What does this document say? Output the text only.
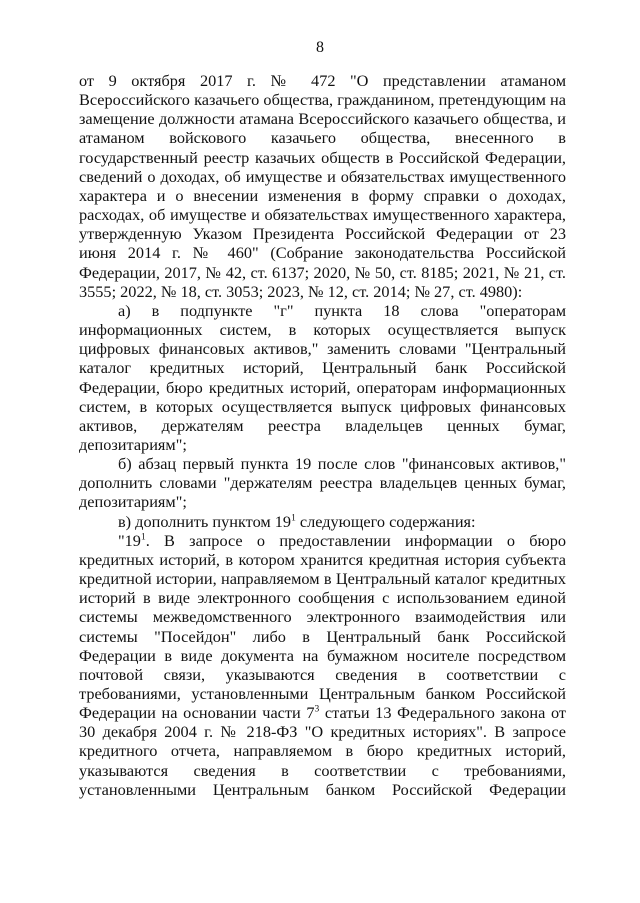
8

от 9 октября 2017 г. № 472 "О представлении атаманом Всероссийского казачьего общества, гражданином, претендующим на замещение должности атамана Всероссийского казачьего общества, и атаманом войскового казачьего общества, внесенного в государственный реестр казачьих обществ в Российской Федерации, сведений о доходах, об имуществе и обязательствах имущественного характера и о внесении изменения в форму справки о доходах, расходах, об имуществе и обязательствах имущественного характера, утвержденную Указом Президента Российской Федерации от 23 июня 2014 г. № 460" (Собрание законодательства Российской Федерации, 2017, № 42, ст. 6137; 2020, № 50, ст. 8185; 2021, № 21, ст. 3555; 2022, № 18, ст. 3053; 2023, № 12, ст. 2014; № 27, ст. 4980):

а) в подпункте "г" пункта 18 слова "операторам информационных систем, в которых осуществляется выпуск цифровых финансовых активов," заменить словами "Центральный каталог кредитных историй, Центральный банк Российской Федерации, бюро кредитных историй, операторам информационных систем, в которых осуществляется выпуск цифровых финансовых активов, держателям реестра владельцев ценных бумаг, депозитариям";

б) абзац первый пункта 19 после слов "финансовых активов," дополнить словами "держателям реестра владельцев ценных бумаг, депозитариям";

в) дополнить пунктом $19^1$ следующего содержания:

"$19^1$. В запросе о предоставлении информации о бюро кредитных историй, в котором хранится кредитная история субъекта кредитной истории, направляемом в Центральный каталог кредитных историй в виде электронного сообщения с использованием единой системы межведомственного электронного взаимодействия или системы "Посейдон" либо в Центральный банк Российской Федерации в виде документа на бумажном носителе посредством почтовой связи, указываются сведения в соответствии с требованиями, установленными Центральным банком Российской Федерации на основании части $7^3$ статьи 13 Федерального закона от 30 декабря 2004 г. № 218-ФЗ "О кредитных историях". В запросе кредитного отчета, направляемом в бюро кредитных историй, указываются сведения в соответствии с требованиями, установленными Центральным банком Российской Федерации
